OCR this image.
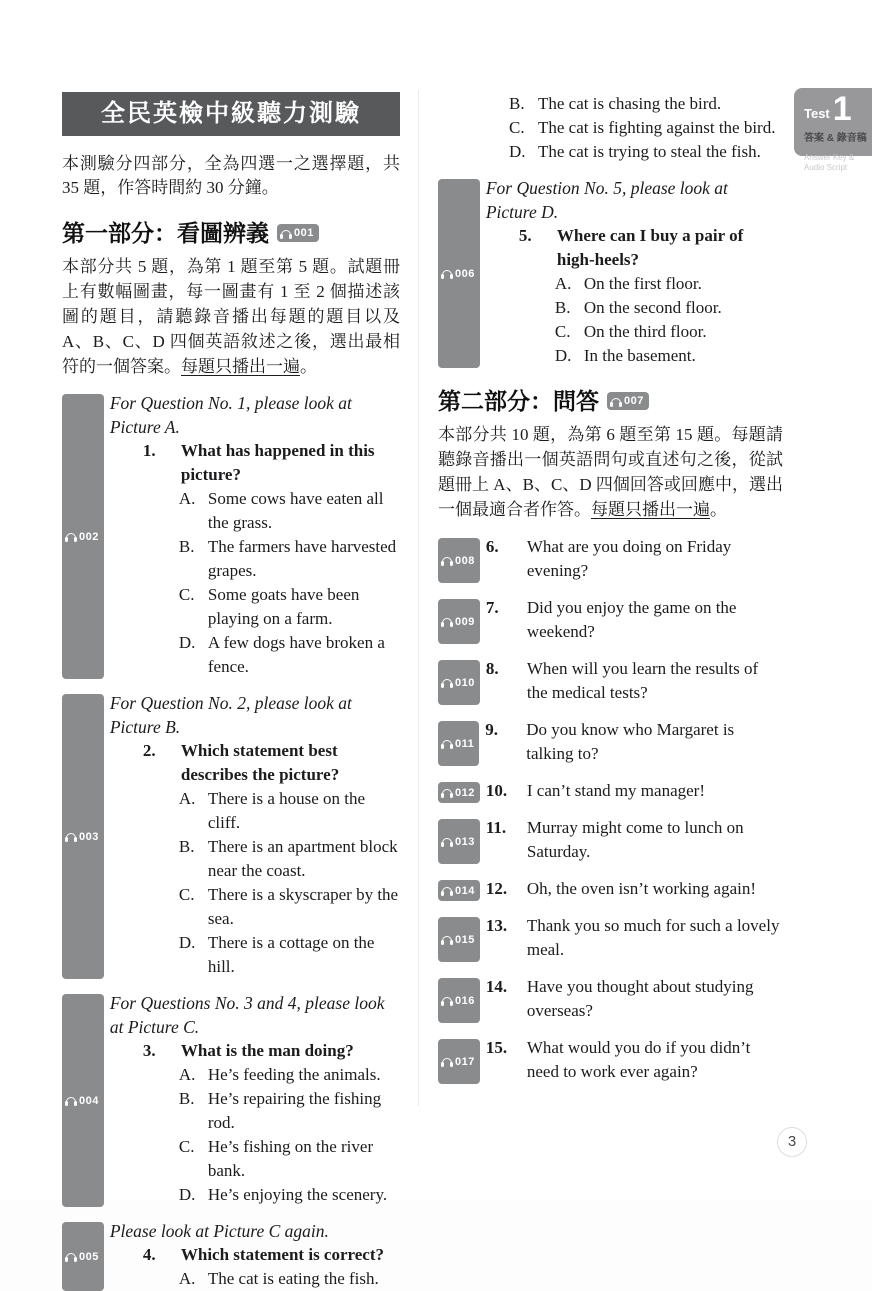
Test 1
答案 & 錄音稿
Answer Key &
Audio Script
全民英檢中級聽力測驗
本測驗分四部分，全為四選一之選擇題，共 35 題，作答時間約 30 分鐘。
第一部分：看圖辨義 001
本部分共 5 題，為第 1 題至第 5 題。試題冊上有數幅圖畫，每一圖畫有 1 至 2 個描述該圖的題目，請聽錄音播出每題的題目以及 A、B、C、D 四個英語敘述之後，選出最相符的一個答案。每題只播出一遍。
002
For Question No. 1, please look at Picture A.
1.	What has happened in this picture?
A. Some cows have eaten all the grass.
B. The farmers have harvested grapes.
C. Some goats have been playing on a farm.
D. A few dogs have broken a fence.
003
For Question No. 2, please look at Picture B.
2.	Which statement best describes the picture?
A. There is a house on the cliff.
B. There is an apartment block near the coast.
C. There is a skyscraper by the sea.
D. There is a cottage on the hill.
004
For Questions No. 3 and 4, please look at Picture C.
3.	What is the man doing?
A. He’s feeding the animals.
B. He’s repairing the fishing rod.
C. He’s fishing on the river bank.
D. He’s enjoying the scenery.
005
Please look at Picture C again.
4.	Which statement is correct?
A. The cat is eating the fish.
B. The cat is chasing the bird.
C. The cat is fighting against the bird.
D. The cat is trying to steal the fish.
006
For Question No. 5, please look at Picture D.
5.	Where can I buy a pair of high-heels?
A. On the first floor.
B. On the second floor.
C. On the third floor.
D. In the basement.
第二部分：問答 007
本部分共 10 題，為第 6 題至第 15 題。每題請聽錄音播出一個英語問句或直述句之後，從試題冊上 A、B、C、D 四個回答或回應中，選出一個最適合者作答。每題只播出一遍。
008
6.	What are you doing on Friday evening?
009
7.	Did you enjoy the game on the weekend?
010
8.	When will you learn the results of the medical tests?
011
9.	Do you know who Margaret is talking to?
012 10.	I can’t stand my manager!
013
11.	Murray might come to lunch on Saturday.
014 12.	Oh, the oven isn’t working again!
015
13.	Thank you so much for such a lovely meal.
016
14.	Have you thought about studying overseas?
017
15.	What would you do if you didn’t need to work ever again?
3
